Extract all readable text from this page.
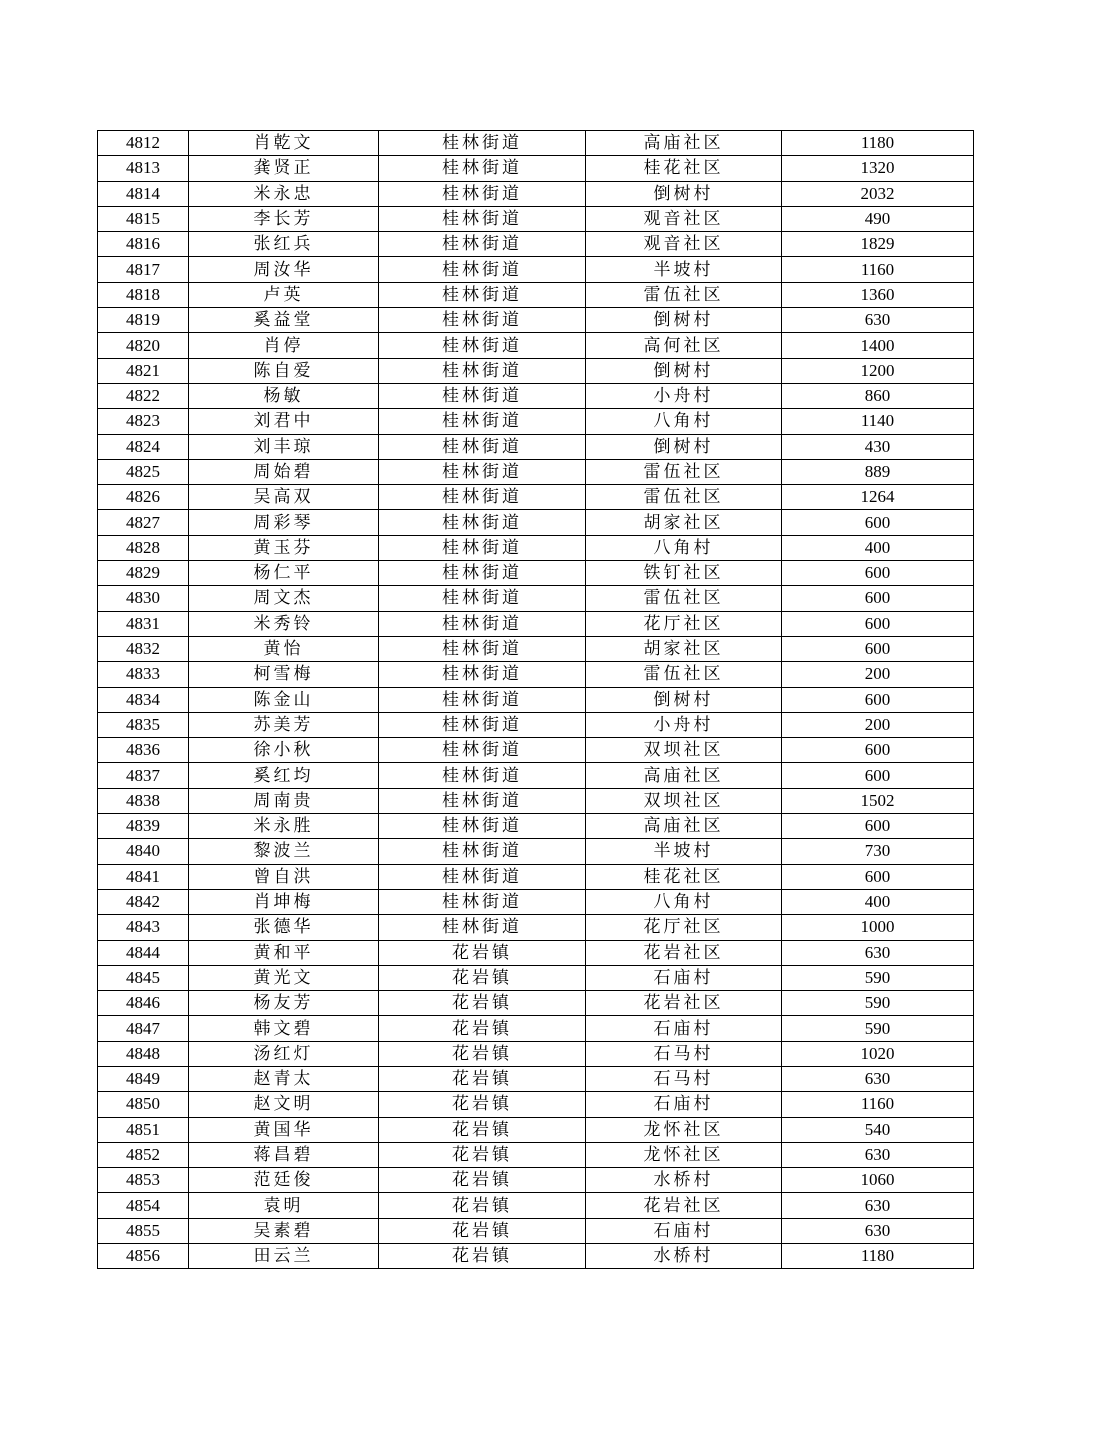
4812	肖乾文	桂林街道	高庙社区	1180
4813	龚贤正	桂林街道	桂花社区	1320
4814	米永忠	桂林街道	倒树村	2032
4815	李长芳	桂林街道	观音社区	490
4816	张红兵	桂林街道	观音社区	1829
4817	周汝华	桂林街道	半坡村	1160
4818	卢英	桂林街道	雷伍社区	1360
4819	奚益堂	桂林街道	倒树村	630
4820	肖停	桂林街道	高何社区	1400
4821	陈自爱	桂林街道	倒树村	1200
4822	杨敏	桂林街道	小舟村	860
4823	刘君中	桂林街道	八角村	1140
4824	刘丰琼	桂林街道	倒树村	430
4825	周始碧	桂林街道	雷伍社区	889
4826	吴高双	桂林街道	雷伍社区	1264
4827	周彩琴	桂林街道	胡家社区	600
4828	黄玉芬	桂林街道	八角村	400
4829	杨仁平	桂林街道	铁钉社区	600
4830	周文杰	桂林街道	雷伍社区	600
4831	米秀铃	桂林街道	花厅社区	600
4832	黄怡	桂林街道	胡家社区	600
4833	柯雪梅	桂林街道	雷伍社区	200
4834	陈金山	桂林街道	倒树村	600
4835	苏美芳	桂林街道	小舟村	200
4836	徐小秋	桂林街道	双坝社区	600
4837	奚红均	桂林街道	高庙社区	600
4838	周南贵	桂林街道	双坝社区	1502
4839	米永胜	桂林街道	高庙社区	600
4840	黎波兰	桂林街道	半坡村	730
4841	曾自洪	桂林街道	桂花社区	600
4842	肖坤梅	桂林街道	八角村	400
4843	张德华	桂林街道	花厅社区	1000
4844	黄和平	花岩镇	花岩社区	630
4845	黄光文	花岩镇	石庙村	590
4846	杨友芳	花岩镇	花岩社区	590
4847	韩文碧	花岩镇	石庙村	590
4848	汤红灯	花岩镇	石马村	1020
4849	赵青太	花岩镇	石马村	630
4850	赵文明	花岩镇	石庙村	1160
4851	黄国华	花岩镇	龙怀社区	540
4852	蒋昌碧	花岩镇	龙怀社区	630
4853	范廷俊	花岩镇	水桥村	1060
4854	袁明	花岩镇	花岩社区	630
4855	吴素碧	花岩镇	石庙村	630
4856	田云兰	花岩镇	水桥村	1180
